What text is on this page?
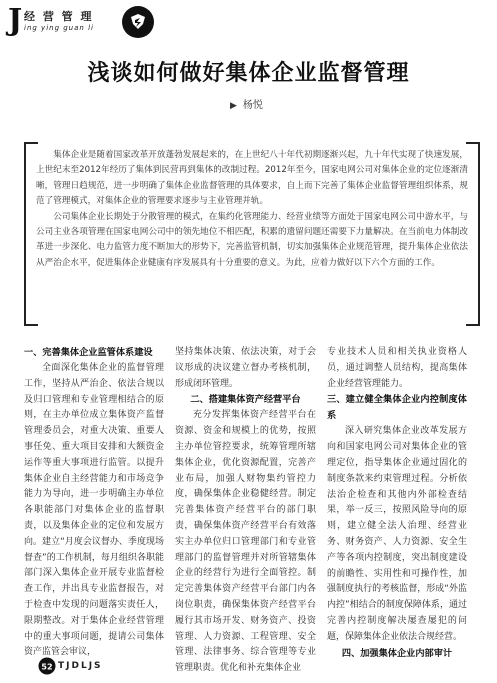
J 经 营 管 理
ing ying guan li
浅谈如何做好集体企业监督管理
▶ 杨悦

集体企业是随着国家改革开放蓬勃发展起来的，在上世纪八十年代初期逐渐兴起，九十年代实现了快速发展，上世纪末至2012年经历了集体到民营再到集体的改制过程。2012年至今，国家电网公司对集体企业的定位逐渐清晰，管理日趋规范，进一步明确了集体企业监督管理的具体要求，自上而下完善了集体企业监督管理组织体系，规范了管理模式，对集体企业的管理要求逐步与主业管理并轨。

公司集体企业长期处于分散管理的模式，在集约化管理能力、经营业绩等方面处于国家电网公司中游水平，与公司主业各项管理在国家电网公司中的领先地位不相匹配，积累的遗留问题还需要下力量解决。在当前电力体制改革进一步深化、电力监管力度不断加大的形势下，完善监管机制，切实加强集体企业规范管理，提升集体企业依法从严治企水平，促进集体企业健康有序发展具有十分重要的意义。为此，应着力做好以下六个方面的工作。

一、完善集体企业监管体系建设

全面深化集体企业的监督管理工作，坚持从严治企、依法合规以及归口管理和专业管理相结合的原则，在主办单位成立集体资产监督管理委员会，对重大决策、重要人事任免、重大项目安排和大额资金运作等重大事项进行监管。以提升集体企业自主经营能力和市场竞争能力为导向，进一步明确主办单位各职能部门对集体企业的监督职责，以及集体企业的定位和发展方向。建立“月度会议督办、季度现场督查”的工作机制，每月组织各职能部门深入集体企业开展专业监督检查工作，并出具专业监督报告，对于检查中发现的问题落实责任人，限期整改。对于集体企业经营管理中的重大事项问题，提请公司集体资产监管会审议，

坚持集体决策、依法决策，对于会议形成的决议建立督办考核机制，形成闭环管理。

二、搭建集体资产经营平台

充分发挥集体资产经营平台在资源、资金和规模上的优势，按照主办单位管控要求，统筹管理所辖集体企业，优化资源配置，完善产业布局，加强人财物集约管控力度，确保集体企业稳健经营。制定完善集体资产经营平台的部门职责，确保集体资产经营平台有效落实主办单位归口管理部门和专业管理部门的监督管理并对所管辖集体企业的经营行为进行全面管控。制定完善集体资产经营平台部门内各岗位职责，确保集体资产经营平台履行其市场开发、财务资产、投资管理、人力资源、工程管理、安全管理、法律事务、综合管理等专业管理职责。优化和补充集体企业

专业技术人员和相关执业资格人员，通过调整人员结构，提高集体企业经营管理能力。

三、建立健全集体企业内控制度体系

深入研究集体企业改革发展方向和国家电网公司对集体企业的管理定位，指导集体企业通过固化的制度条款来约束管理过程。分析依法治企检查和其他内外部检查结果，举一反三，按照风险导向的原则，建立健全法人治理、经营业务、财务资产、人力资源、安全生产等各项内控制度，突出制度建设的前瞻性、实用性和可操作性，加强制度执行的考核监督，形成“外监内控”相结合的制度保障体系，通过完善内控制度解决屡查屡犯的问题，保障集体企业依法合规经营。

四、加强集体企业内部审计
52 TJDLJS
